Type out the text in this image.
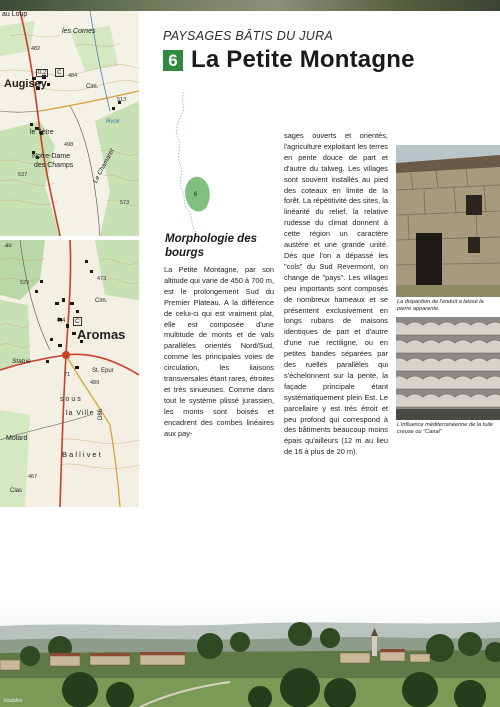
au Loup
les Cornes
482
0,2	C	484
Augisey	Cim.
513
Rvoir
le Tètre
498
Notre-Dame
des Champs
537	Le Chamaret
573
au
473
525
Cim.
0,4	C
Aromas
Statue
71
St. Epur
489
sous
la Ville D86
Molard
B a l l i v e t
467
Clas
PAYSAGES BÂTIS DU JURA
6 La Petite Montagne
6
Morphologie des bourgs
La Petite Montagne, par son altitude qui varie de 450 à 700 m, est le prolongement Sud du Premier Plateau. A la différence de celui-ci qui est vraiment plat, elle est composée d'une multitude de monts et de vals parallèles orientés Nord/Sud, comme les principales voies de circulation, les liaisons transversales étant rares, étroites et très sinueuses. Comme dans tout le système plissé jurassien, les monts sont boisés et encadrent des combes linéaires aux pay-
sages ouverts et orientés, l'agriculture exploitant les terres en pente douce de part et d'autre du talweg. Les villages sont souvent installés au pied des coteaux en limite de la forêt. La répétitivité des sites, la linéarité du relief, la relative rudesse du climat donnent à cette région un caractère austère et une grande unité. Dès que l'on a dépassé les "cols" du Sud Revermont, on change de "pays". Les villages peu importants sont composés de nombreux hameaux et se présentent exclusivement en longs rubans de maisons identiques de part et d'autre d'une rue rectiligne, ou en petites bandes séparées par des ruelles parallèles qui s'échelonnent sur la pente, la façade principale étant systématiquement plein Est. Le parcellaire y est très étroit et peu profond qui correspond à des bâtiments beaucoup moins épais qu'ailleurs (12 m au lieu de 16 à plus de 20 m).
La disparition de l'enduit a laissé la pierre apparente.
L'influence méditerranéenne de la tuile creuse ou "Canal"
Vosbles
